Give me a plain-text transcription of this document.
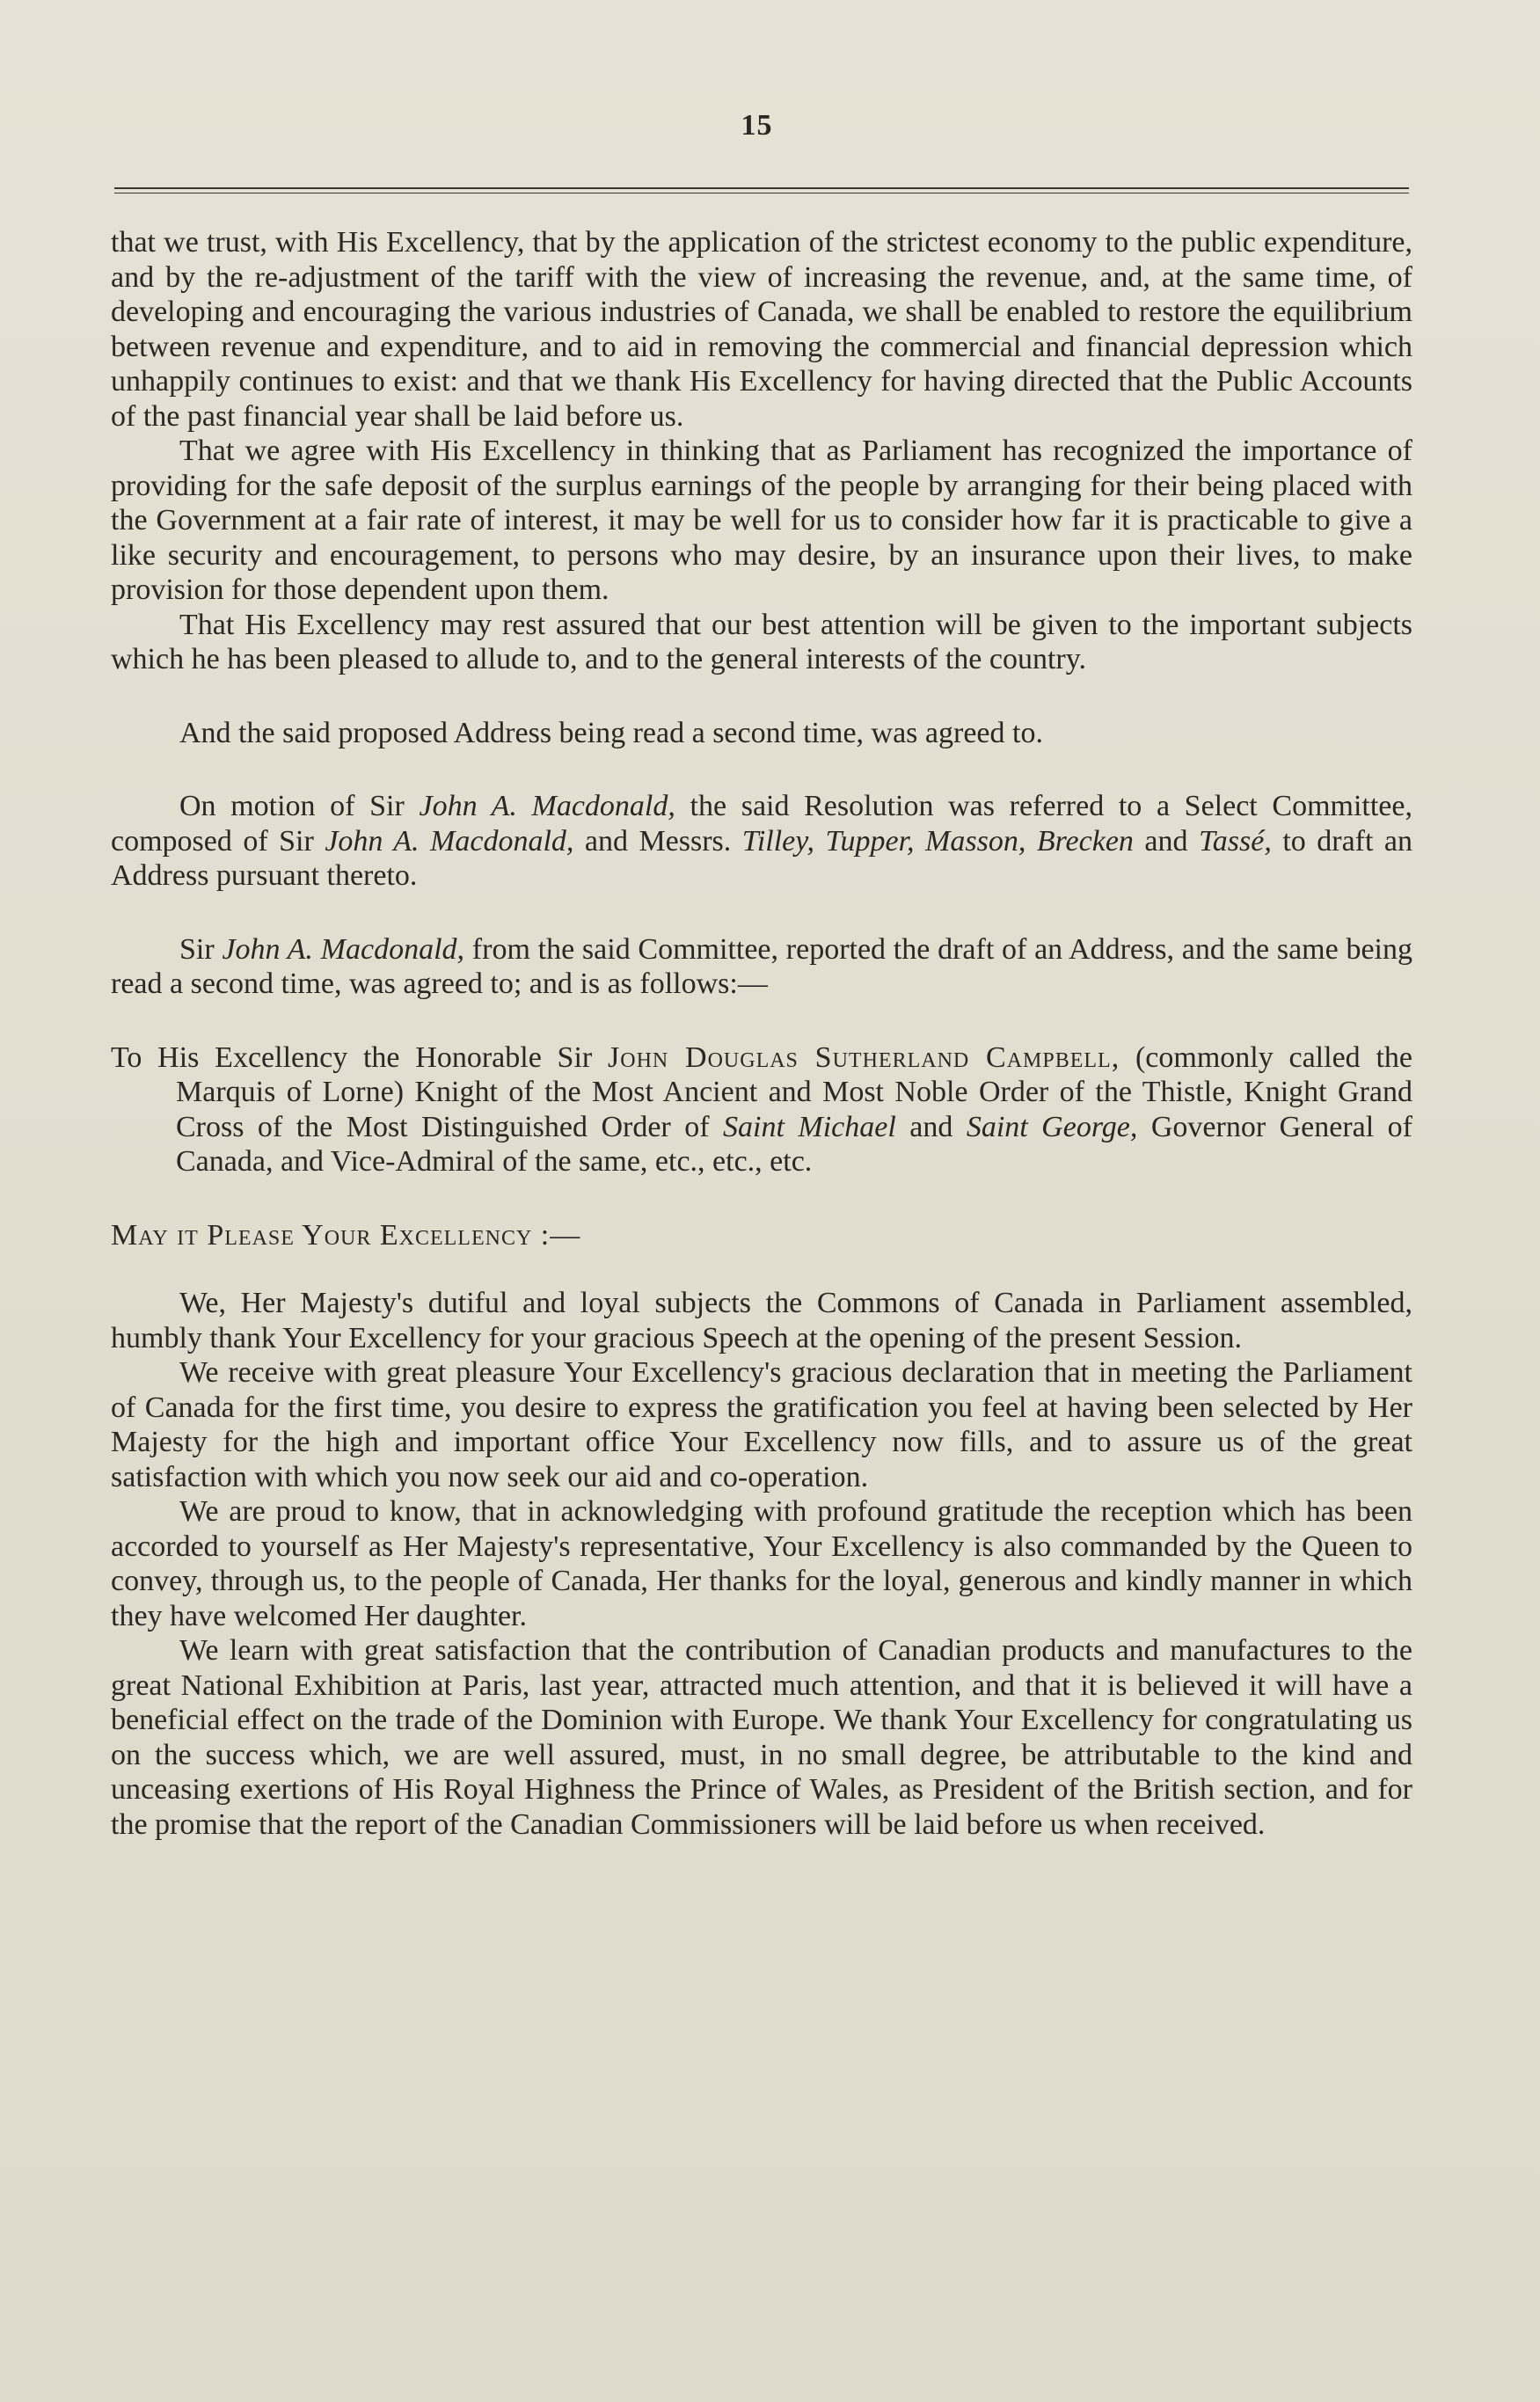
15

that we trust, with His Excellency, that by the application of the strictest economy to the public expenditure, and by the re-adjustment of the tariff with the view of increasing the revenue, and, at the same time, of developing and encouraging the various industries of Canada, we shall be enabled to restore the equilibrium between revenue and expenditure, and to aid in removing the commercial and financial depression which unhappily continues to exist: and that we thank His Excellency for having directed that the Public Accounts of the past financial year shall be laid before us.

That we agree with His Excellency in thinking that as Parliament has recognized the importance of providing for the safe deposit of the surplus earnings of the people by arranging for their being placed with the Government at a fair rate of interest, it may be well for us to consider how far it is practicable to give a like security and encouragement, to persons who may desire, by an insurance upon their lives, to make provision for those dependent upon them.

That His Excellency may rest assured that our best attention will be given to the important subjects which he has been pleased to allude to, and to the general interests of the country.

And the said proposed Address being read a second time, was agreed to.

On motion of Sir John A. Macdonald, the said Resolution was referred to a Select Committee, composed of Sir John A. Macdonald, and Messrs. Tilley, Tupper, Masson, Brecken and Tassé, to draft an Address pursuant thereto.

Sir John A. Macdonald, from the said Committee, reported the draft of an Address, and the same being read a second time, was agreed to; and is as follows:—

To His Excellency the Honorable Sir John Douglas Sutherland Campbell, (commonly called the Marquis of Lorne) Knight of the Most Ancient and Most Noble Order of the Thistle, Knight Grand Cross of the Most Distinguished Order of Saint Michael and Saint George, Governor General of Canada, and Vice-Admiral of the same, etc., etc., etc.

May it Please Your Excellency :—

We, Her Majesty's dutiful and loyal subjects the Commons of Canada in Parliament assembled, humbly thank Your Excellency for your gracious Speech at the opening of the present Session.

We receive with great pleasure Your Excellency's gracious declaration that in meeting the Parliament of Canada for the first time, you desire to express the gratification you feel at having been selected by Her Majesty for the high and important office Your Excellency now fills, and to assure us of the great satisfaction with which you now seek our aid and co-operation.

We are proud to know, that in acknowledging with profound gratitude the reception which has been accorded to yourself as Her Majesty's representative, Your Excellency is also commanded by the Queen to convey, through us, to the people of Canada, Her thanks for the loyal, generous and kindly manner in which they have welcomed Her daughter.

We learn with great satisfaction that the contribution of Canadian products and manufactures to the great National Exhibition at Paris, last year, attracted much attention, and that it is believed it will have a beneficial effect on the trade of the Dominion with Europe. We thank Your Excellency for congratulating us on the success which, we are well assured, must, in no small degree, be attributable to the kind and unceasing exertions of His Royal Highness the Prince of Wales, as President of the British section, and for the promise that the report of the Canadian Commissioners will be laid before us when received.
